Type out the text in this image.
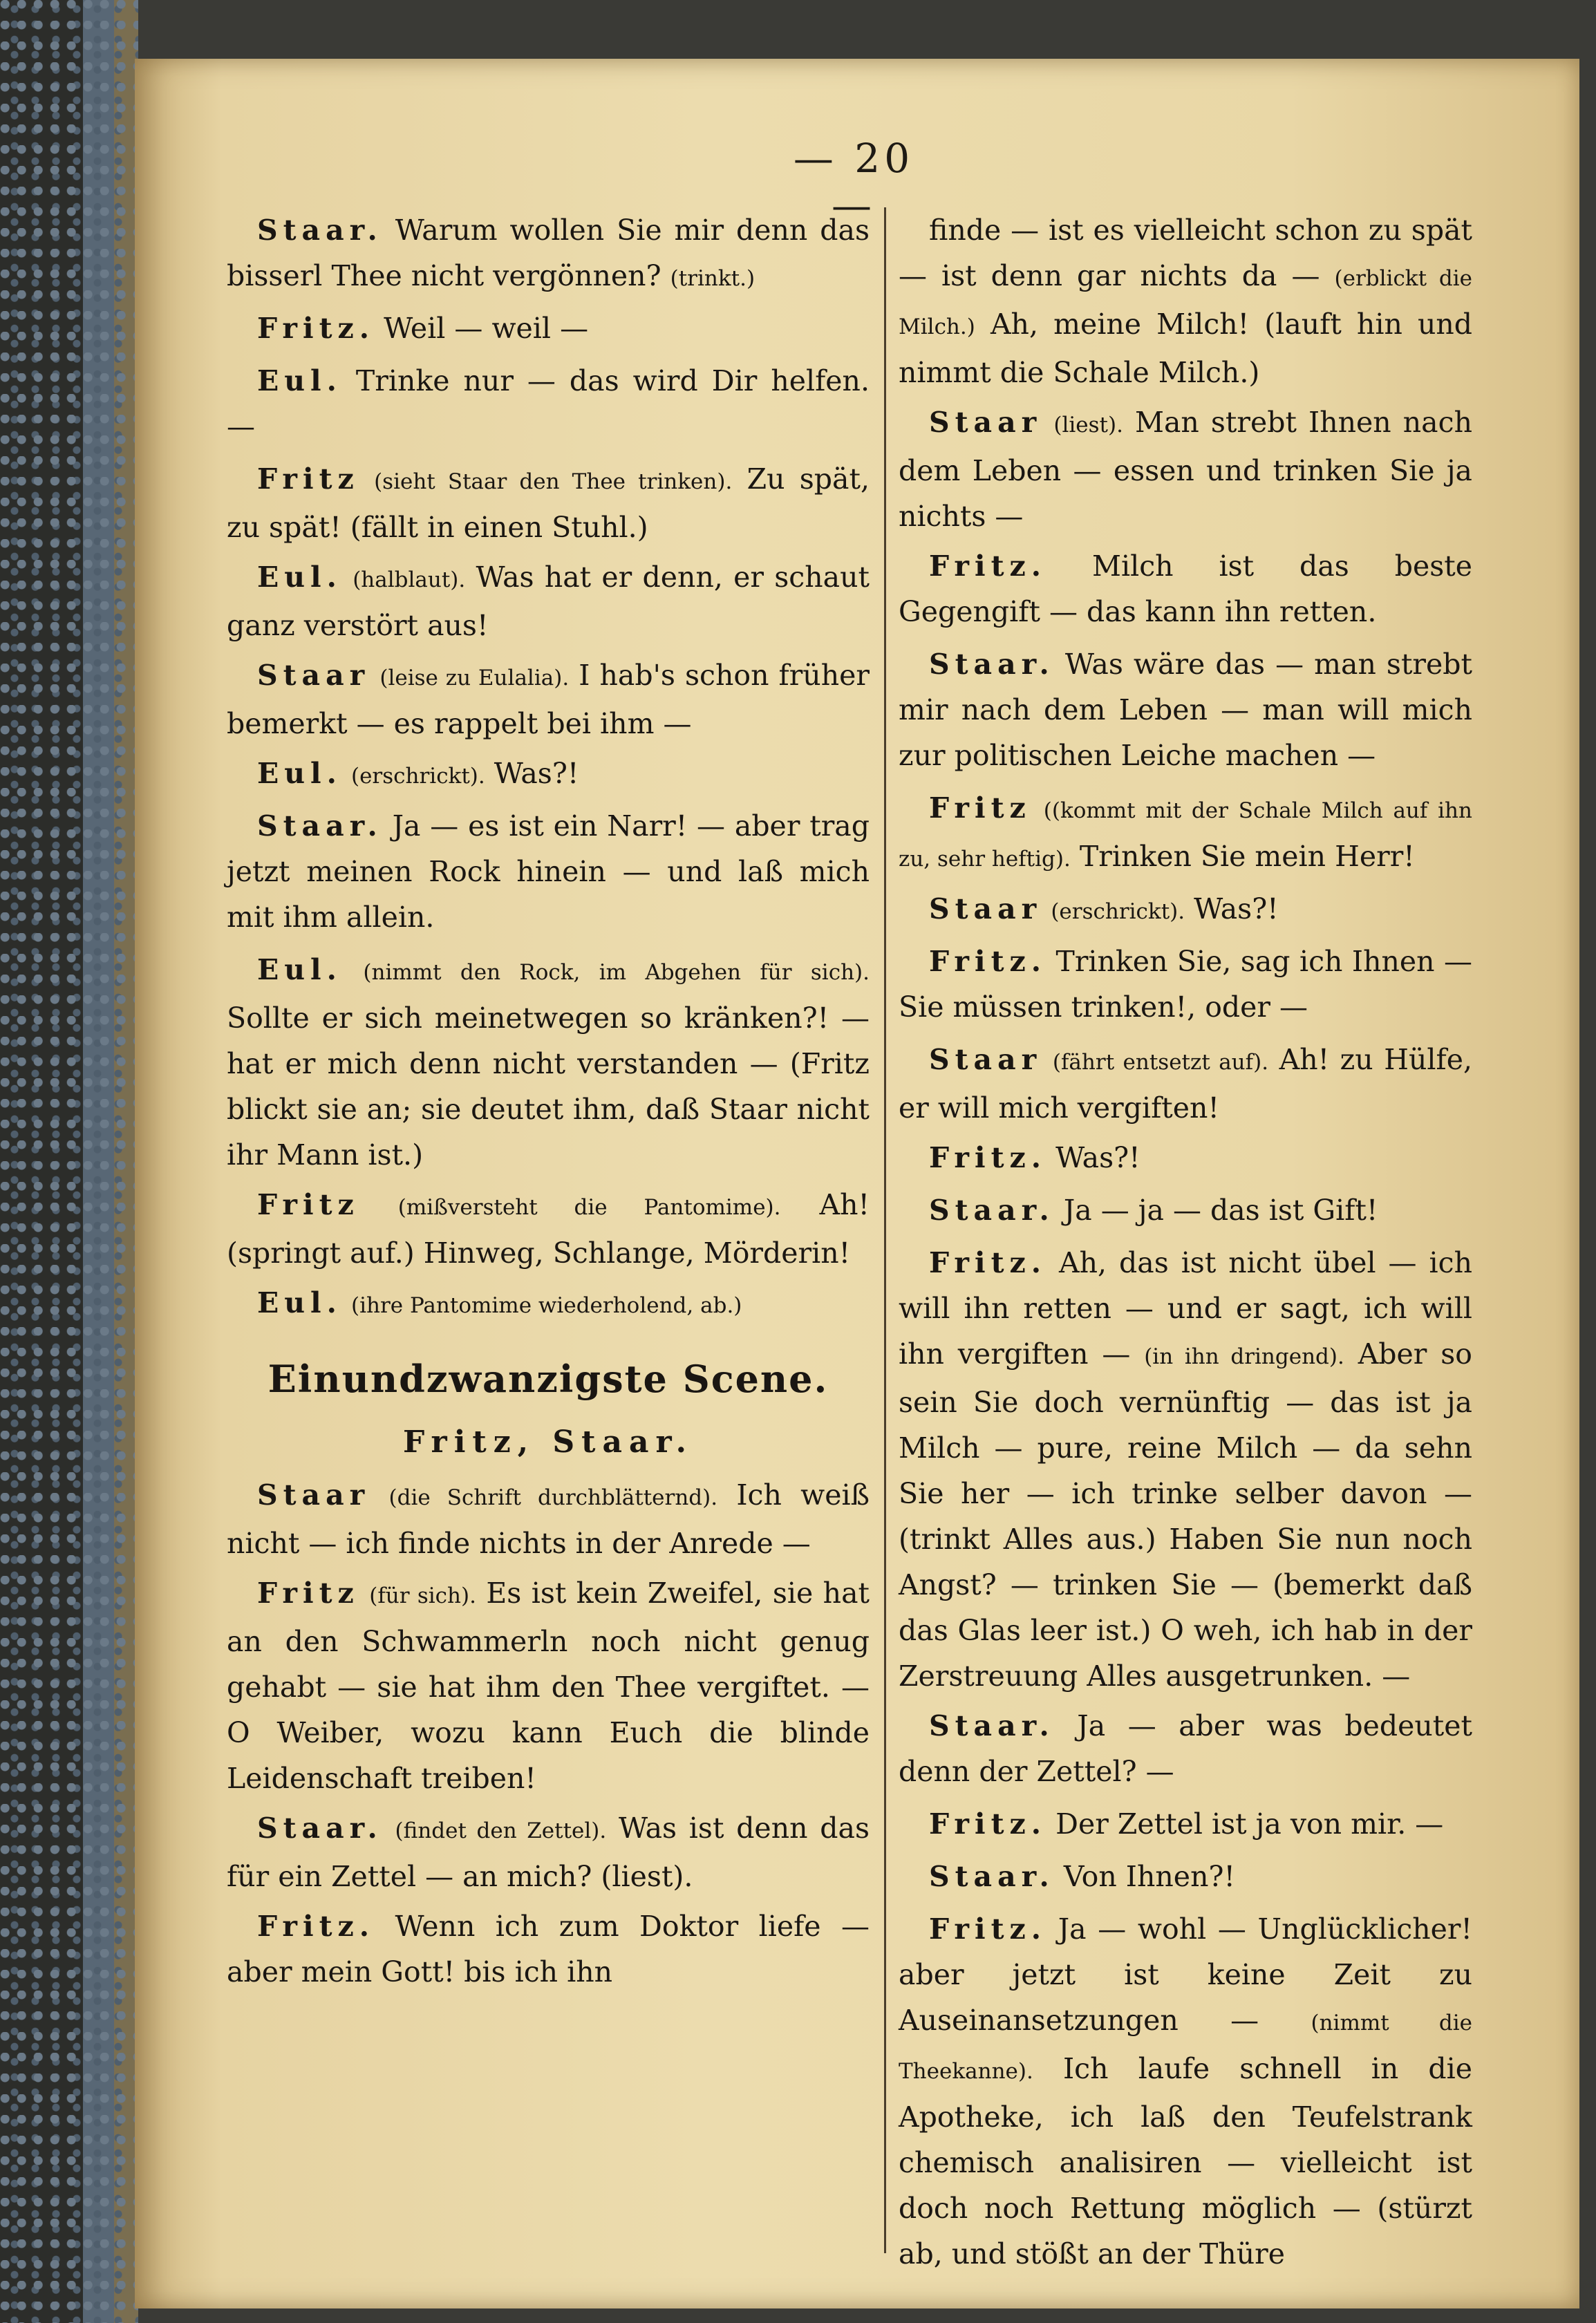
— 20 —

Staar. Warum wollen Sie mir denn das bisserl Thee nicht vergönnen? (trinkt.)

Fritz. Weil — weil —

Eul. Trinke nur — das wird Dir helfen. —

Fritz (sieht Staar den Thee trinken). Zu spät, zu spät! (fällt in einen Stuhl.)

Eul. (halblaut). Was hat er denn, er schaut ganz verstört aus!

Staar (leise zu Eulalia). I hab's schon früher bemerkt — es rappelt bei ihm —

Eul. (erschrickt). Was?!

Staar. Ja — es ist ein Narr! — aber trag jetzt meinen Rock hinein — und laß mich mit ihm allein.

Eul. (nimmt den Rock, im Abgehen für sich). Sollte er sich meinetwegen so kränken?! — hat er mich denn nicht verstanden — (Fritz blickt sie an; sie deutet ihm, daß Staar nicht ihr Mann ist.)

Fritz (mißversteht die Pantomime). Ah! (springt auf.) Hinweg, Schlange, Mörderin!

Eul. (ihre Pantomime wiederholend, ab.)

Einundzwanzigste Scene.
Fritz, Staar.

Staar (die Schrift durchblätternd). Ich weiß nicht — ich finde nichts in der Anrede —

Fritz (für sich). Es ist kein Zweifel, sie hat an den Schwammerln noch nicht genug gehabt — sie hat ihm den Thee vergiftet. — O Weiber, wozu kann Euch die blinde Leidenschaft treiben!

Staar. (findet den Zettel). Was ist denn das für ein Zettel — an mich? (liest).

Fritz. Wenn ich zum Doktor liefe — aber mein Gott! bis ich ihn

finde — ist es vielleicht schon zu spät — ist denn gar nichts da — (erblickt die Milch.) Ah, meine Milch! (lauft hin und nimmt die Schale Milch.)

Staar (liest). Man strebt Ihnen nach dem Leben — essen und trinken Sie ja nichts —

Fritz. Milch ist das beste Gegengift — das kann ihn retten.

Staar. Was wäre das — man strebt mir nach dem Leben — man will mich zur politischen Leiche machen —

Fritz ((kommt mit der Schale Milch auf ihn zu, sehr heftig). Trinken Sie mein Herr!

Staar (erschrickt). Was?!

Fritz. Trinken Sie, sag ich Ihnen — Sie müssen trinken!, oder —

Staar (fährt entsetzt auf). Ah! zu Hülfe, er will mich vergiften!

Fritz. Was?!

Staar. Ja — ja — das ist Gift!

Fritz. Ah, das ist nicht übel — ich will ihn retten — und er sagt, ich will ihn vergiften — (in ihn dringend). Aber so sein Sie doch vernünftig — das ist ja Milch — pure, reine Milch — da sehn Sie her — ich trinke selber davon — (trinkt Alles aus.) Haben Sie nun noch Angst? — trinken Sie — (bemerkt daß das Glas leer ist.) O weh, ich hab in der Zerstreuung Alles ausgetrunken. —

Staar. Ja — aber was bedeutet denn der Zettel? —

Fritz. Der Zettel ist ja von mir. —

Staar. Von Ihnen?!

Fritz. Ja — wohl — Unglücklicher! aber jetzt ist keine Zeit zu Auseinansetzungen — (nimmt die Theekanne). Ich laufe schnell in die Apotheke, ich laß den Teufelstrank chemisch analisiren — vielleicht ist doch noch Rettung möglich — (stürzt ab, und stößt an der Thüre
